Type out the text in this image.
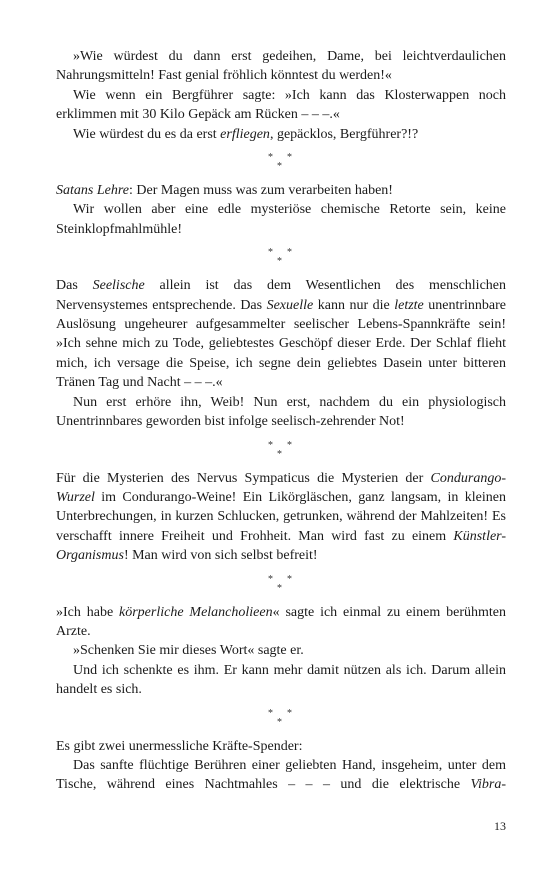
»Wie würdest du dann erst gedeihen, Dame, bei leichtverdaulichen Nahrungsmitteln! Fast genial fröhlich könntest du werden!«

Wie wenn ein Bergführer sagte: »Ich kann das Klosterwappen noch erklimmen mit 30 Kilo Gepäck am Rücken – – –.«

Wie würdest du es da erst erfliegen, gepäcklos, Bergführer?!?

* *
*

Satans Lehre: Der Magen muss was zum verarbeiten haben!

Wir wollen aber eine edle mysteriöse chemische Retorte sein, keine Steinklopfmahlmühle!

* *
*

Das Seelische allein ist das dem Wesentlichen des menschlichen Nervensystemes entsprechende. Das Sexuelle kann nur die letzte unentrinnbare Auslösung ungeheurer aufgesammelter seelischer Lebens-Spannkräfte sein! »Ich sehne mich zu Tode, geliebtestes Geschöpf dieser Erde. Der Schlaf flieht mich, ich versage die Speise, ich segne dein geliebtes Dasein unter bitteren Tränen Tag und Nacht – – –.«

Nun erst erhöre ihn, Weib! Nun erst, nachdem du ein physiologisch Unentrinnbares geworden bist infolge seelisch-zehrender Not!

* *
*

Für die Mysterien des Nervus Sympaticus die Mysterien der Condurango-Wurzel im Condurango-Weine! Ein Likörgläschen, ganz langsam, in kleinen Unterbrechungen, in kurzen Schlucken, getrunken, während der Mahlzeiten! Es verschafft innere Freiheit und Frohheit. Man wird fast zu einem Künstler-Organismus! Man wird von sich selbst befreit!

* *
*

»Ich habe körperliche Melancholieen« sagte ich einmal zu einem berühmten Arzte.

»Schenken Sie mir dieses Wort« sagte er.

Und ich schenkte es ihm. Er kann mehr damit nützen als ich. Darum allein handelt es sich.

* *
*

Es gibt zwei unermessliche Kräfte-Spender:

Das sanfte flüchtige Berühren einer geliebten Hand, insgeheim, unter dem Tische, während eines Nachtmahles – – – und die elektrische Vibra-

13
